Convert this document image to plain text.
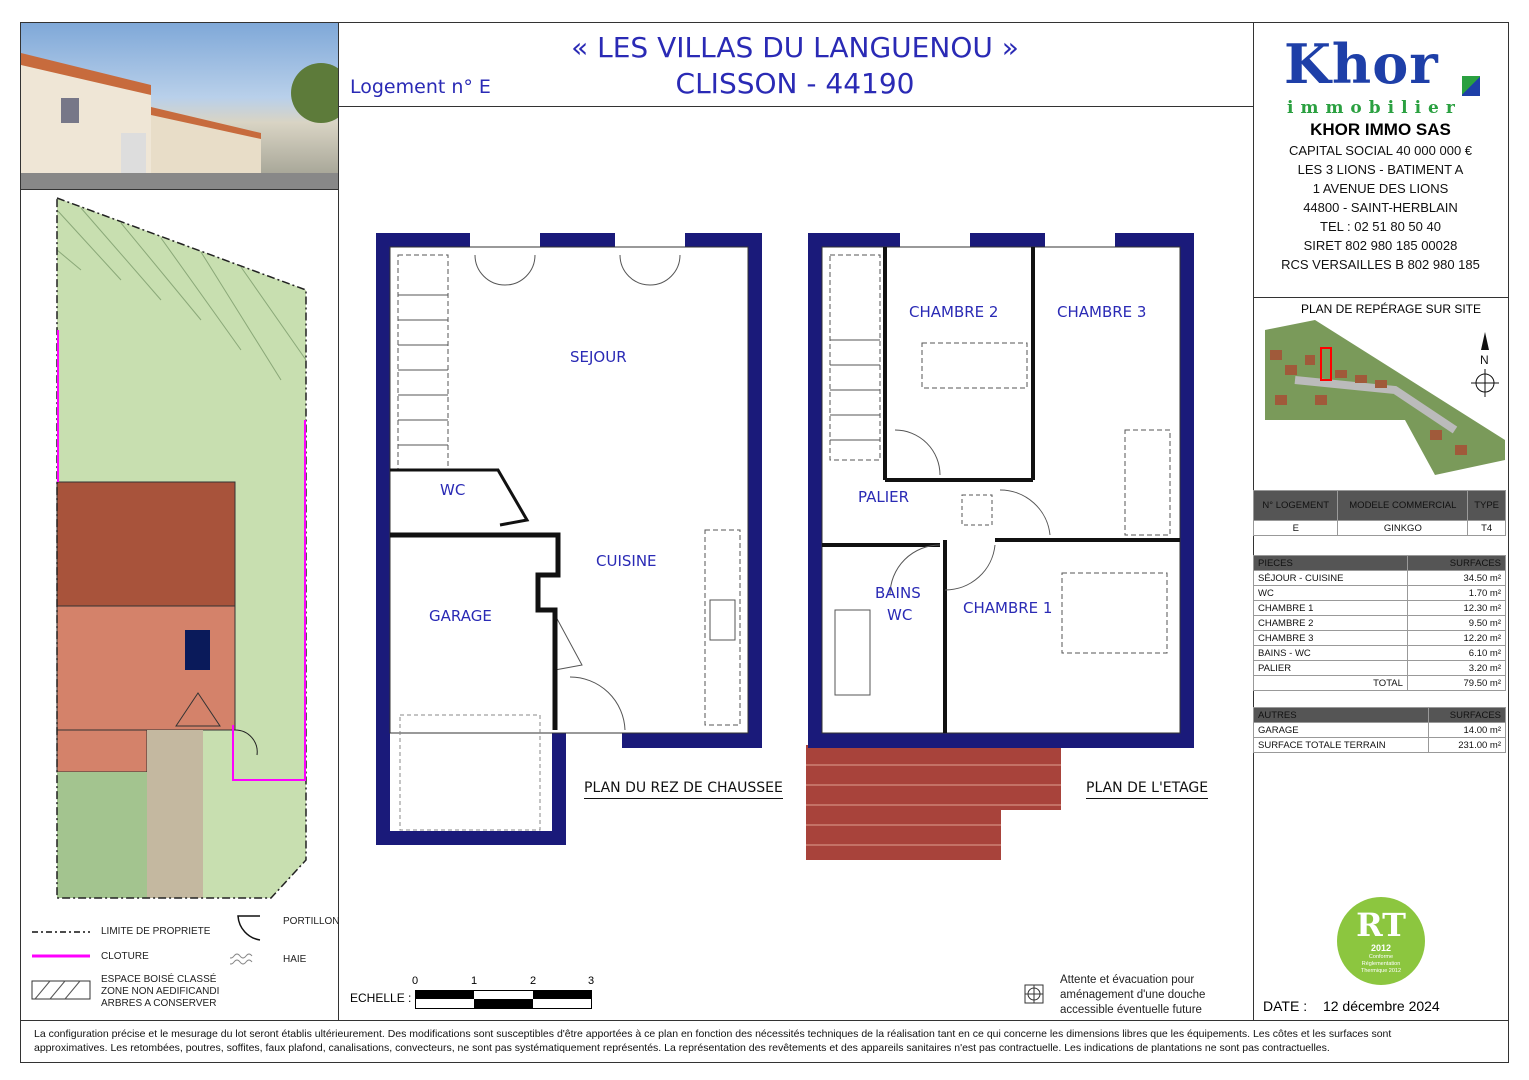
LIMITE DE PROPRIETE
CLOTURE
ESPACE BOISÉ CLASSÉ
ZONE NON AEDIFICANDI
ARBRES A CONSERVER
PORTILLON
HAIE
« LES VILLAS DU LANGUENOU »
CLISSON - 44190
Logement n° E
SEJOUR
WC
CUISINE
GARAGE
PLAN DU REZ DE CHAUSSEE
CHAMBRE 2	CHAMBRE 3
PALIER
BAINS
WC	CHAMBRE 1
PLAN DE L'ETAGE
ECHELLE :
0	1	2	3	Attente et évacuation pour
aménagement d'une douche
accessible éventuelle future
Khor
immobilier
KHOR IMMO SAS
CAPITAL SOCIAL 40 000 000 €
LES 3 LIONS - BATIMENT A
1 AVENUE DES LIONS
44800 - SAINT-HERBLAIN
TEL : 02 51 80 50 40
SIRET 802 980 185 00028
RCS VERSAILLES B 802 980 185
PLAN DE REPÉRAGE SUR SITE
N
N° LOGEMENT	MODELE COMMERCIAL	TYPE
E	GINKGO	T4
PIECES	SURFACES
SÉJOUR - CUISINE	34.50 m²
WC	1.70 m²
CHAMBRE 1	12.30 m²
CHAMBRE 2	9.50 m²
CHAMBRE 3	12.20 m²
BAINS - WC	6.10 m²
PALIER	3.20 m²
TOTAL	79.50 m²
AUTRES	SURFACES
GARAGE	14.00 m²
SURFACE TOTALE TERRAIN	231.00 m²
RT
2012
Conforme Réglementation Thermique 2012
DATE : 12 décembre 2024
La configuration précise et le mesurage du lot seront établis ultérieurement. Des modifications sont susceptibles d'être apportées à ce plan en fonction des nécessités techniques de la réalisation tant en ce qui concerne les dimensions libres que les équipements. Les côtes et les surfaces sont
approximatives. Les retombées, poutres, soffites, faux plafond, canalisations, convecteurs, ne sont pas systématiquement représentés. La représentation des revêtements et des appareils sanitaires n'est pas contractuelle. Les indications de plantations ne sont pas contractuelles.
